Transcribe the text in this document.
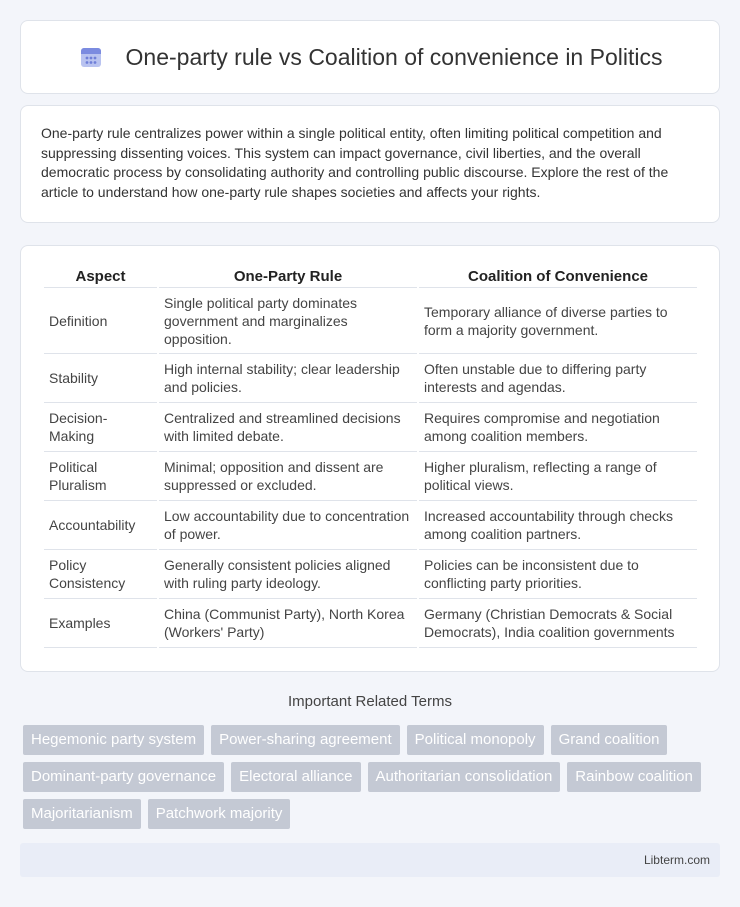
One-party rule vs Coalition of convenience in Politics

One-party rule centralizes power within a single political entity, often limiting political competition and suppressing dissenting voices. This system can impact governance, civil liberties, and the overall democratic process by consolidating authority and controlling public discourse. Explore the rest of the article to understand how one-party rule shapes societies and affects your rights.

Aspect	One-Party Rule	Coalition of Convenience
Definition	Single political party dominates government and marginalizes opposition.	Temporary alliance of diverse parties to form a majority government.
Stability	High internal stability; clear leadership and policies.	Often unstable due to differing party interests and agendas.
Decision-Making	Centralized and streamlined decisions with limited debate.	Requires compromise and negotiation among coalition members.
Political Pluralism	Minimal; opposition and dissent are suppressed or excluded.	Higher pluralism, reflecting a range of political views.
Accountability	Low accountability due to concentration of power.	Increased accountability through checks among coalition partners.
Policy Consistency	Generally consistent policies aligned with ruling party ideology.	Policies can be inconsistent due to conflicting party priorities.
Examples	China (Communist Party), North Korea (Workers' Party)	Germany (Christian Democrats & Social Democrats), India coalition governments
Important Related Terms
Hegemonic party system	Power-sharing agreement	Political monopoly	Grand coalition
Dominant-party governance	Electoral alliance	Authoritarian consolidation	Rainbow coalition
Majoritarianism	Patchwork majority
Libterm.com
